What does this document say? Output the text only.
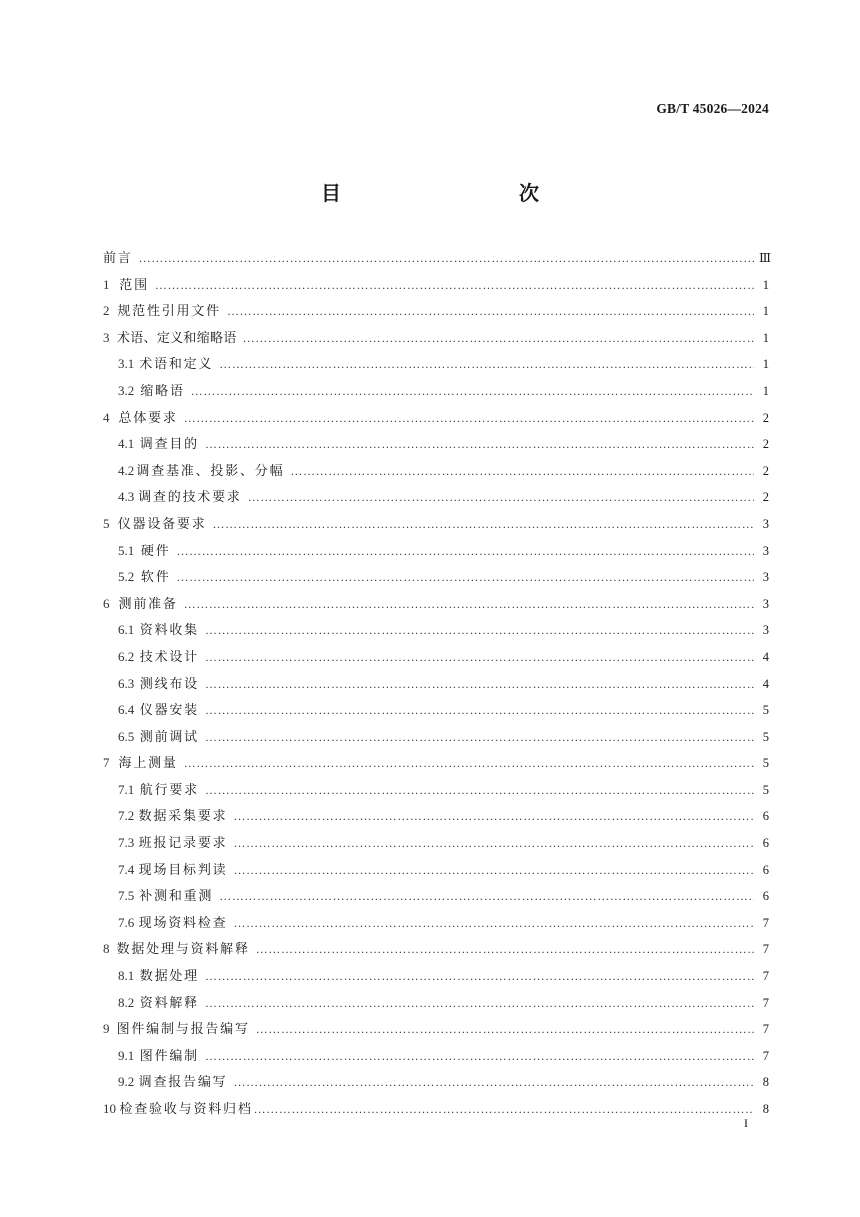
GB/T 45026—2024
目　　次
前言 …………………………………………………………………………………………………………………………………………………………………………………………	Ⅲ
1 范围 …………………………………………………………………………………………………………………………………………………………………………………………	1
2 规范性引用文件 …………………………………………………………………………………………………………………………………………………………………………………………	1
3 术语、定义和缩略语 …………………………………………………………………………………………………………………………………………………………………………………………	1
3.1 术语和定义 …………………………………………………………………………………………………………………………………………………………………………………………	1
3.2 缩略语 …………………………………………………………………………………………………………………………………………………………………………………………	1
4 总体要求 …………………………………………………………………………………………………………………………………………………………………………………………	2
4.1 调查目的 …………………………………………………………………………………………………………………………………………………………………………………………	2
4.2 调查基准、投影、分幅 …………………………………………………………………………………………………………………………………………………………………………………………	2
4.3 调查的技术要求 …………………………………………………………………………………………………………………………………………………………………………………………	2
5 仪器设备要求 …………………………………………………………………………………………………………………………………………………………………………………………	3
5.1 硬件 …………………………………………………………………………………………………………………………………………………………………………………………	3
5.2 软件 …………………………………………………………………………………………………………………………………………………………………………………………	3
6 测前准备 …………………………………………………………………………………………………………………………………………………………………………………………	3
6.1 资料收集 …………………………………………………………………………………………………………………………………………………………………………………………	3
6.2 技术设计 …………………………………………………………………………………………………………………………………………………………………………………………	4
6.3 测线布设 …………………………………………………………………………………………………………………………………………………………………………………………	4
6.4 仪器安装 …………………………………………………………………………………………………………………………………………………………………………………………	5
6.5 测前调试 …………………………………………………………………………………………………………………………………………………………………………………………	5
7 海上测量 …………………………………………………………………………………………………………………………………………………………………………………………	5
7.1 航行要求 …………………………………………………………………………………………………………………………………………………………………………………………	5
7.2 数据采集要求 …………………………………………………………………………………………………………………………………………………………………………………………	6
7.3 班报记录要求 …………………………………………………………………………………………………………………………………………………………………………………………	6
7.4 现场目标判读 …………………………………………………………………………………………………………………………………………………………………………………………	6
7.5 补测和重测 …………………………………………………………………………………………………………………………………………………………………………………………	6
7.6 现场资料检查 …………………………………………………………………………………………………………………………………………………………………………………………	7
8 数据处理与资料解释 …………………………………………………………………………………………………………………………………………………………………………………………	7
8.1 数据处理 …………………………………………………………………………………………………………………………………………………………………………………………	7
8.2 资料解释 …………………………………………………………………………………………………………………………………………………………………………………………	7
9 图件编制与报告编写 …………………………………………………………………………………………………………………………………………………………………………………………	7
9.1 图件编制 …………………………………………………………………………………………………………………………………………………………………………………………	7
9.2 调查报告编写 …………………………………………………………………………………………………………………………………………………………………………………………	8
10 检查验收与资料归档 …………………………………………………………………………………………………………………………………………………………………………………………	8
I
